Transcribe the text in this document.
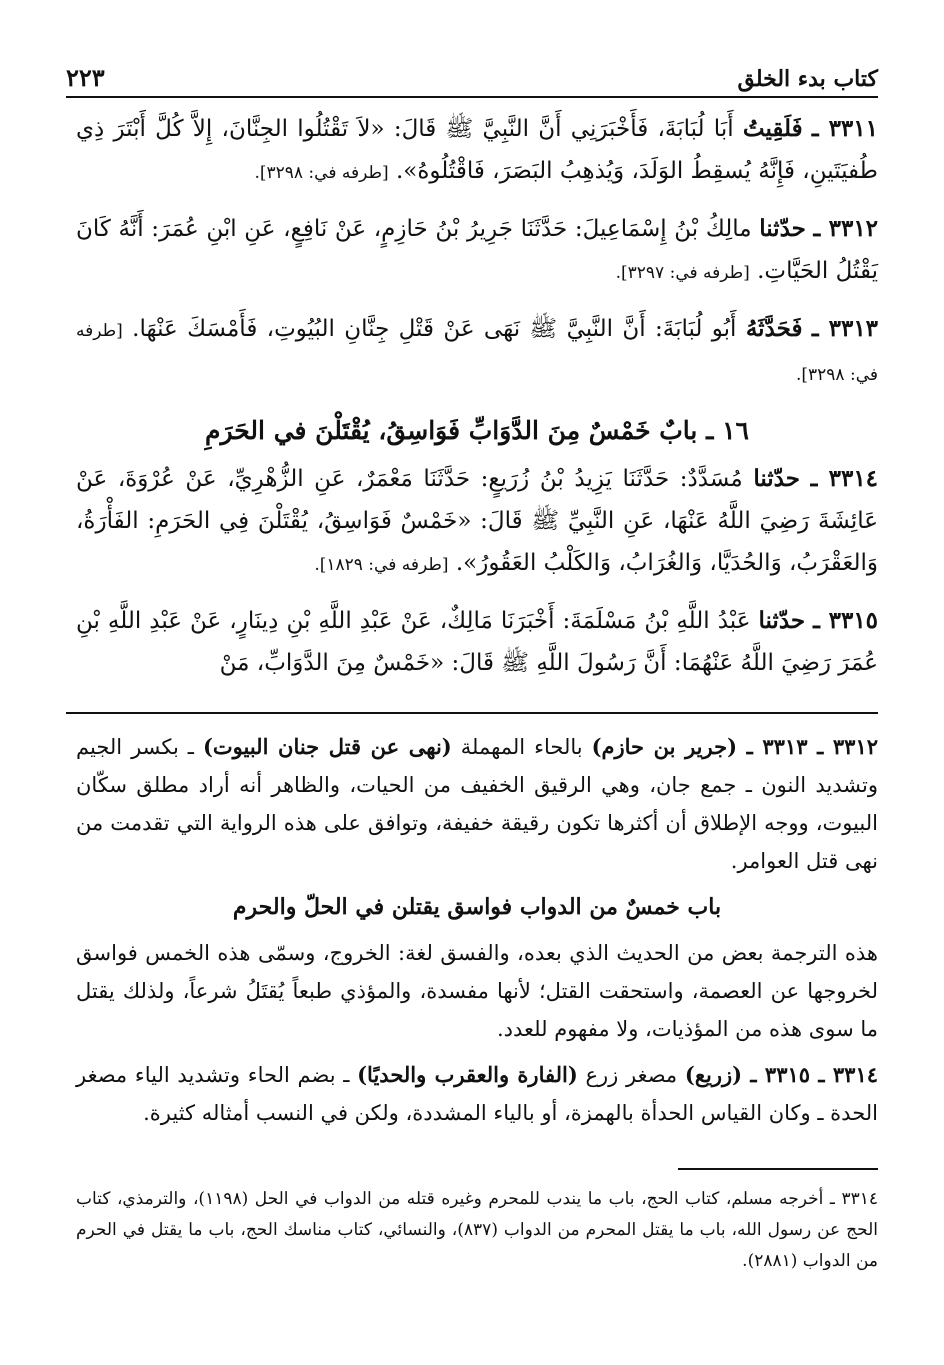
كتاب بدء الخلق
٢٢٣

٣٣١١ ـ فَلَقِيتُ أَبَا لُبَابَةَ، فَأَخْبَرَنِي أَنَّ النَّبِيَّ ﷺ قَالَ: «لاَ تَقْتُلُوا الجِنَّانَ، إِلاَّ كُلَّ أَبْتَرَ ذِي طُفيَتَينِ، فَإِنَّهُ يُسقِطُ الوَلَدَ، وَيُذهِبُ البَصَرَ، فَاقْتُلُوهُ». [طرفه في: ٣٢٩٨].

٣٣١٢ ـ حدّثنا مالِكُ بْنُ إِسْمَاعِيلَ: حَدَّثَنَا جَرِيرُ بْنُ حَازِمٍ، عَنْ نَافِعٍ، عَنِ ابْنِ عُمَرَ: أَنَّهُ كَانَ يَقْتُلُ الحَيَّاتِ. [طرفه في: ٣٢٩٧].

٣٣١٣ ـ فَحَدَّثَهُ أَبُو لُبَابَةَ: أَنَّ النَّبِيَّ ﷺ نَهَى عَنْ قَتْلِ جِنَّانِ البُيُوتِ، فَأَمْسَكَ عَنْهَا. [طرفه في: ٣٢٩٨].

١٦ ـ بابٌ خَمْسٌ مِنَ الدَّوَابِّ فَوَاسِقُ، يُقْتَلْنَ في الحَرَمِ

٣٣١٤ ـ حدّثنا مُسَدَّدٌ: حَدَّثَنَا يَزِيدُ بْنُ زُرَيعٍ: حَدَّثَنَا مَعْمَرٌ، عَنِ الزُّهْرِيِّ، عَنْ عُرْوَةَ، عَنْ عَائِشَةَ رَضِيَ اللَّهُ عَنْهَا، عَنِ النَّبِيِّ ﷺ قَالَ: «خَمْسٌ فَوَاسِقُ، يُقْتَلْنَ فِي الحَرَمِ: الفَأْرَةُ، وَالعَقْرَبُ، وَالحُدَيَّا، وَالغُرَابُ، وَالكَلْبُ العَقُورُ». [طرفه في: ١٨٢٩].

٣٣١٥ ـ حدّثنا عَبْدُ اللَّهِ بْنُ مَسْلَمَةَ: أَخْبَرَنَا مَالِكٌ، عَنْ عَبْدِ اللَّهِ بْنِ دِينَارٍ، عَنْ عَبْدِ اللَّهِ بْنِ عُمَرَ رَضِيَ اللَّهُ عَنْهُمَا: أَنَّ رَسُولَ اللَّهِ ﷺ قَالَ: «خَمْسٌ مِنَ الدَّوَابِّ، مَنْ

٣٣١٢ ـ ٣٣١٣ ـ (جرير بن حازم) بالحاء المهملة (نهى عن قتل جنان البيوت) ـ بكسر الجيم وتشديد النون ـ جمع جان، وهي الرقيق الخفيف من الحيات، والظاهر أنه أراد مطلق سكّان البيوت، ووجه الإطلاق أن أكثرها تكون رقيقة خفيفة، وتوافق على هذه الرواية التي تقدمت من نهى قتل العوامر.

باب خمسٌ من الدواب فواسق يقتلن في الحلّ والحرم

هذه الترجمة بعض من الحديث الذي بعده، والفسق لغة: الخروج، وسمّى هذه الخمس فواسق لخروجها عن العصمة، واستحقت القتل؛ لأنها مفسدة، والمؤذي طبعاً يُقتَلُ شرعاً، ولذلك يقتل ما سوى هذه من المؤذيات، ولا مفهوم للعدد.

٣٣١٤ ـ ٣٣١٥ ـ (زريع) مصغر زرع (الفارة والعقرب والحديًا) ـ بضم الحاء وتشديد الياء مصغر الحدة ـ وكان القياس الحدأة بالهمزة، أو بالياء المشددة، ولكن في النسب أمثاله كثيرة.

٣٣١٤ ـ أخرجه مسلم، كتاب الحج، باب ما يندب للمحرم وغيره قتله من الدواب في الحل (١١٩٨)، والترمذي، كتاب الحج عن رسول الله، باب ما يقتل المحرم من الدواب (٨٣٧)، والنسائي، كتاب مناسك الحج، باب ما يقتل في الحرم من الدواب (٢٨٨١).
